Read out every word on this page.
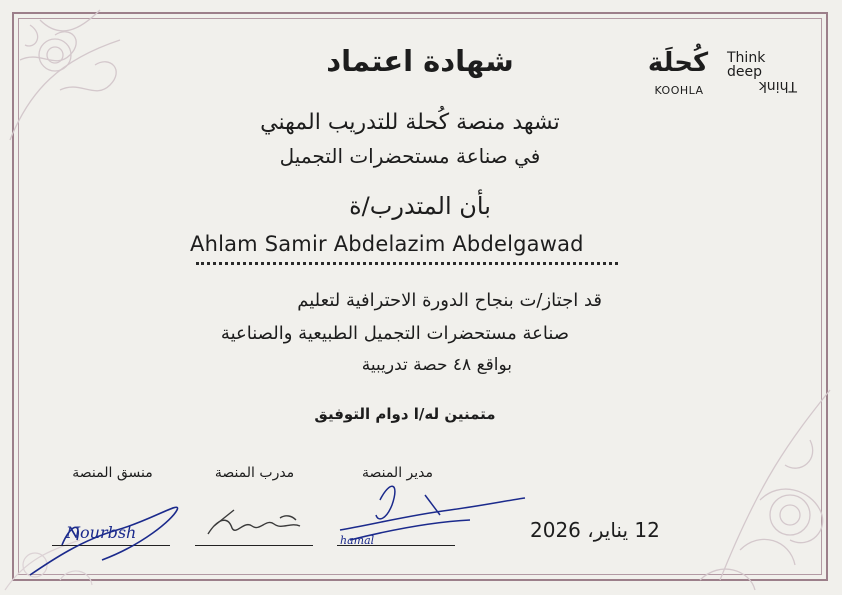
كُحلَة
KOOHLA
Think
deep

Think
شهادة اعتماد
تشهد منصة كُحلة للتدريب المهني
في صناعة مستحضرات التجميل
بأن المتدرب/ة
Ahlam Samir Abdelazim Abdelgawad
قد اجتاز/ت بنجاح الدورة الاحترافية لتعليم
صناعة مستحضرات التجميل الطبيعية والصناعية
بواقع ٤٨ حصة تدريبية
متمنين له/ا دوام التوفيق
منسق المنصة	مدرب المنصة	مدير المنصة
Nourbsh	hamal	12 يناير، 2026
